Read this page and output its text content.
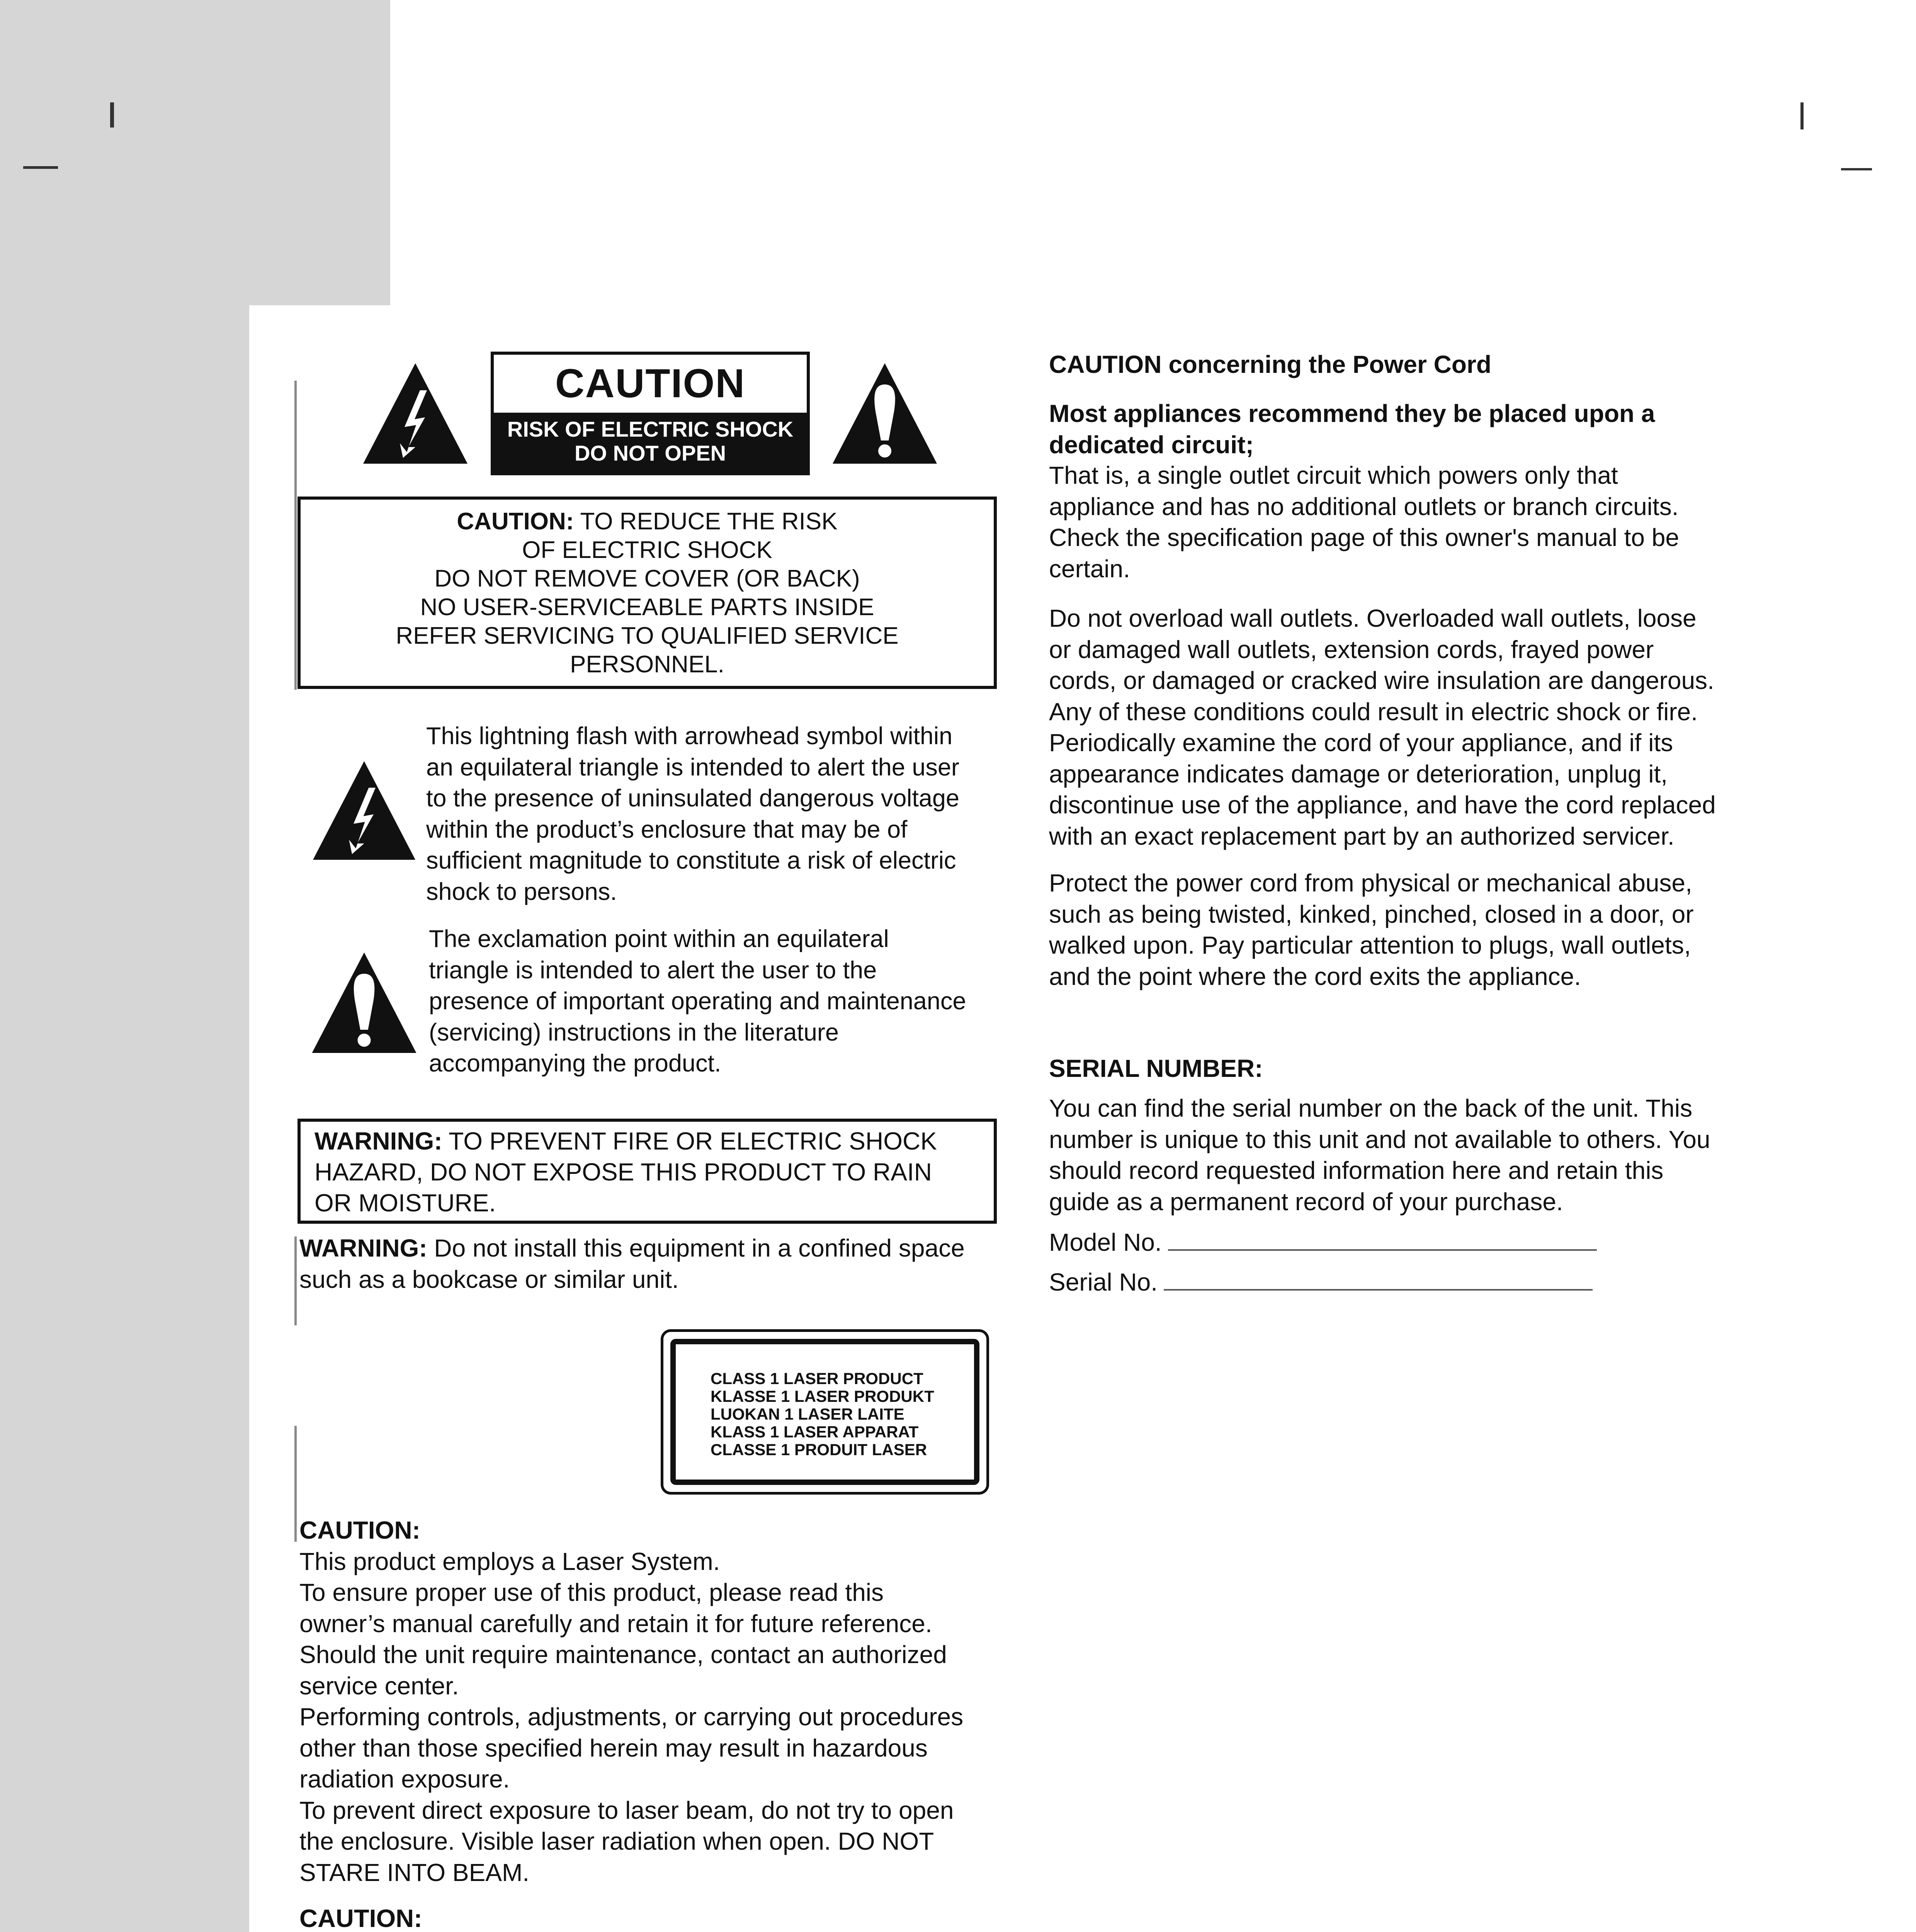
CAUTION
RISK OF ELECTRIC SHOCK
DO NOT OPEN
CAUTION: TO REDUCE THE RISK
OF ELECTRIC SHOCK
DO NOT REMOVE COVER (OR BACK)
NO USER-SERVICEABLE PARTS INSIDE
REFER SERVICING TO QUALIFIED SERVICE
PERSONNEL.
This lightning flash with arrowhead symbol within
an equilateral triangle is intended to alert the user
to the presence of uninsulated dangerous voltage
within the product’s enclosure that may be of
sufficient magnitude to constitute a risk of electric
shock to persons.
The exclamation point within an equilateral
triangle is intended to alert the user to the
presence of important operating and maintenance
(servicing) instructions in the literature
accompanying the product.
WARNING: TO PREVENT FIRE OR ELECTRIC SHOCK
HAZARD, DO NOT EXPOSE THIS PRODUCT TO RAIN
OR MOISTURE.
WARNING: Do not install this equipment in a confined space
such as a bookcase or similar unit.
CLASS 1 LASER PRODUCT
KLASSE 1 LASER PRODUKT
LUOKAN 1 LASER LAITE
KLASS 1 LASER APPARAT
CLASSE 1 PRODUIT LASER
CAUTION:
This product employs a Laser System.
To ensure proper use of this product, please read this
owner’s manual carefully and retain it for future reference.
Should the unit require maintenance, contact an authorized
service center.
Performing controls, adjustments, or carrying out procedures
other than those specified herein may result in hazardous
radiation exposure.
To prevent direct exposure to laser beam, do not try to open
the enclosure. Visible laser radiation when open. DO NOT
STARE INTO BEAM.
CAUTION:
CAUTION concerning the Power Cord
Most appliances recommend they be placed upon a
dedicated circuit;
That is, a single outlet circuit which powers only that
appliance and has no additional outlets or branch circuits.
Check the specification page of this owner's manual to be
certain.
Do not overload wall outlets. Overloaded wall outlets, loose
or damaged wall outlets, extension cords, frayed power
cords, or damaged or cracked wire insulation are dangerous.
Any of these conditions could result in electric shock or fire.
Periodically examine the cord of your appliance, and if its
appearance indicates damage or deterioration, unplug it,
discontinue use of the appliance, and have the cord replaced
with an exact replacement part by an authorized servicer.
Protect the power cord from physical or mechanical abuse,
such as being twisted, kinked, pinched, closed in a door, or
walked upon. Pay particular attention to plugs, wall outlets,
and the point where the cord exits the appliance.
SERIAL NUMBER:
You can find the serial number on the back of the unit. This
number is unique to this unit and not available to others. You
should record requested information here and retain this
guide as a permanent record of your purchase.
Model No.
Serial No.
